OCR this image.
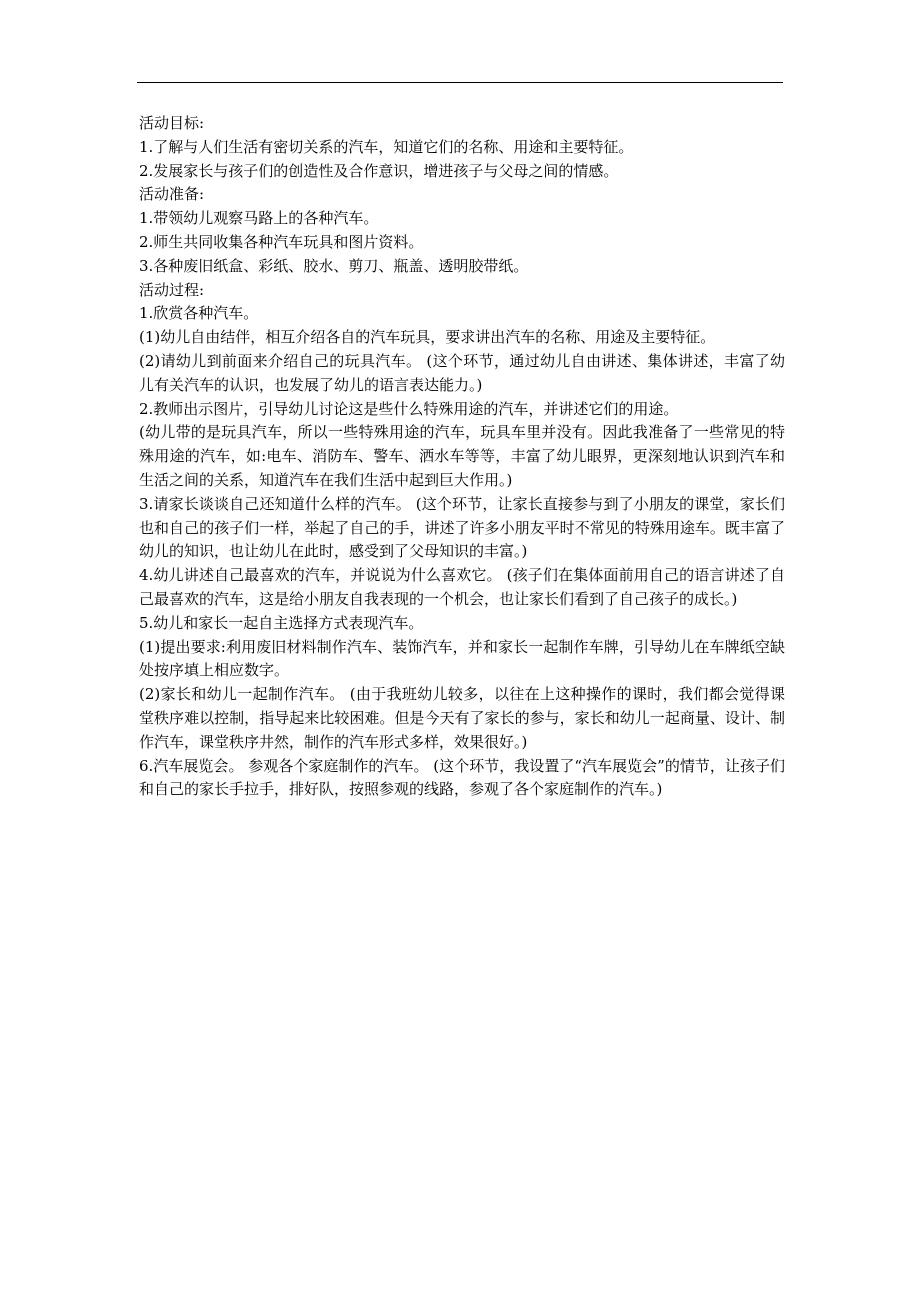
活动目标:

1.了解与人们生活有密切关系的汽车，知道它们的名称、用途和主要特征。

2.发展家长与孩子们的创造性及合作意识，增进孩子与父母之间的情感。

活动准备:

1.带领幼儿观察马路上的各种汽车。

2.师生共同收集各种汽车玩具和图片资料。

3.各种废旧纸盒、彩纸、胶水、剪刀、瓶盖、透明胶带纸。

活动过程:

1.欣赏各种汽车。

(1)幼儿自由结伴，相互介绍各自的汽车玩具，要求讲出汽车的名称、用途及主要特征。

(2)请幼儿到前面来介绍自己的玩具汽车。 (这个环节，通过幼儿自由讲述、集体讲述，丰富了幼儿有关汽车的认识，也发展了幼儿的语言表达能力。)

2.教师出示图片，引导幼儿讨论这是些什么特殊用途的汽车，并讲述它们的用途。

(幼儿带的是玩具汽车，所以一些特殊用途的汽车，玩具车里并没有。因此我准备了一些常见的特殊用途的汽车，如:电车、消防车、警车、洒水车等等，丰富了幼儿眼界，更深刻地认识到汽车和生活之间的关系，知道汽车在我们生活中起到巨大作用。)

3.请家长谈谈自己还知道什么样的汽车。 (这个环节，让家长直接参与到了小朋友的课堂，家长们也和自己的孩子们一样，举起了自己的手，讲述了许多小朋友平时不常见的特殊用途车。既丰富了幼儿的知识，也让幼儿在此时，感受到了父母知识的丰富。)

4.幼儿讲述自己最喜欢的汽车，并说说为什么喜欢它。 (孩子们在集体面前用自己的语言讲述了自己最喜欢的汽车，这是给小朋友自我表现的一个机会，也让家长们看到了自己孩子的成长。)

5.幼儿和家长一起自主选择方式表现汽车。

(1)提出要求:利用废旧材料制作汽车、装饰汽车，并和家长一起制作车牌，引导幼儿在车牌纸空缺处按序填上相应数字。

(2)家长和幼儿一起制作汽车。 (由于我班幼儿较多，以往在上这种操作的课时，我们都会觉得课堂秩序难以控制，指导起来比较困难。但是今天有了家长的参与，家长和幼儿一起商量、设计、制作汽车，课堂秩序井然，制作的汽车形式多样，效果很好。)

6.汽车展览会。 参观各个家庭制作的汽车。 (这个环节，我设置了“汽车展览会”的情节，让孩子们和自己的家长手拉手，排好队，按照参观的线路，参观了各个家庭制作的汽车。)
